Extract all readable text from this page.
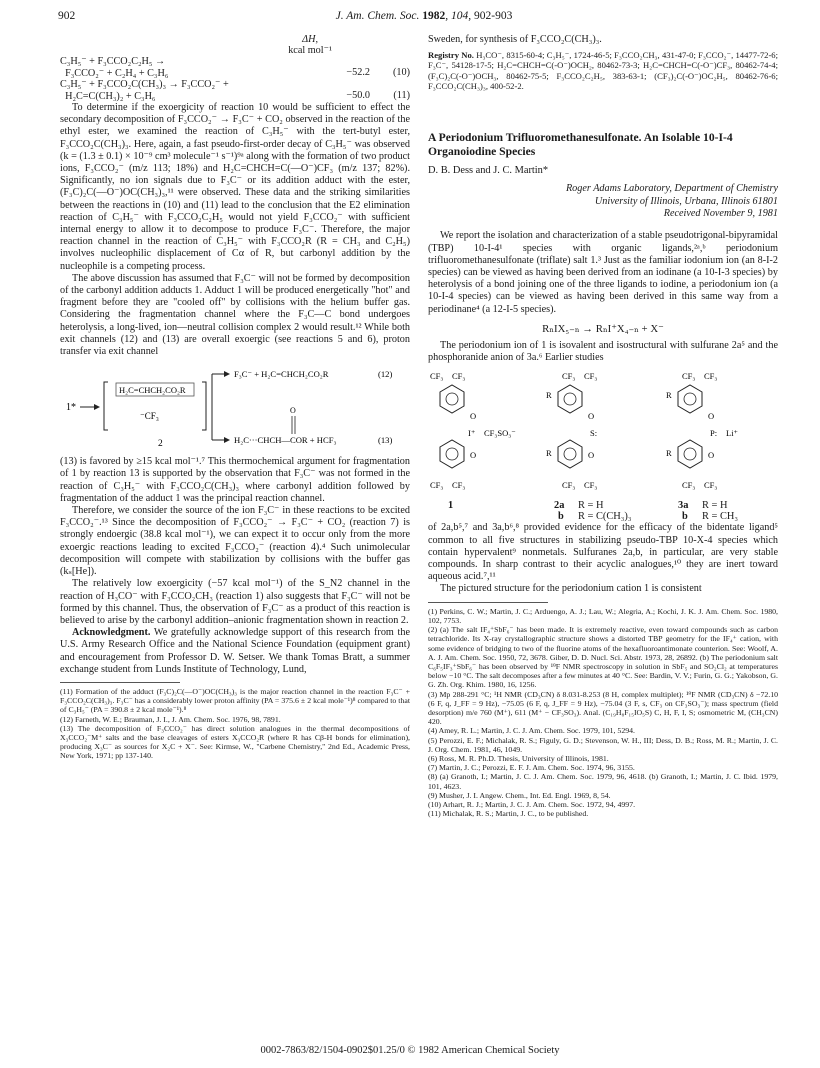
902	J. Am. Chem. Soc. 1982, 104, 902-903
ΔH,
kcal mol⁻¹
C₃H₅⁻ + F₃CCO₂C₂H₅ →
F₃CCO₂⁻ + C₂H₄ + C₃H₆	−52.2	(10)
C₃H₅⁻ + F₃CCO₂C(CH₃)₃ → F₃CCO₂⁻ +
H₂C=C(CH₃)₂ + C₃H₆	−50.0	(11)

To determine if the exoergicity of reaction 10 would be sufficient to effect the secondary decomposition of F₃CCO₂⁻ → F₃C⁻ + CO₂ observed in the reaction of the ethyl ester, we examined the reaction of C₃H₅⁻ with the tert-butyl ester, F₃CCO₂C(CH₃)₃. Here, again, a fast pseudo-first-order decay of C₃H₅⁻ was observed (k = (1.3 ± 0.1) × 10⁻⁹ cm³ molecule⁻¹ s⁻¹)⁹ᵃ along with the formation of two product ions, F₃CCO₂⁻ (m/z 113; 18%) and H₂C=CHCH=C(—O⁻)CF₃ (m/z 137; 82%). Significantly, no ion signals due to F₃C⁻ or its addition adduct with the ester, (F₃C)₂C(—O⁻)OC(CH₃)₃,¹¹ were observed. These data and the striking similarities between the reactions in (10) and (11) lead to the conclusion that the E2 elimination reaction of C₃H₅⁻ with F₃CCO₂C₂H₅ would not yield F₃CCO₂⁻ with sufficient internal energy to allow it to decompose to produce F₃C⁻. Therefore, the major reaction channel in the reaction of C₃H₅⁻ with F₃CCO₂R (R = CH₃ and C₂H₅) involves nucleophilic displacement of Cα of R, but carbonyl addition by the nucleophile is a competing process.

The above discussion has assumed that F₃C⁻ will not be formed by decomposition of the carbonyl addition adducts 1. Adduct 1 will be produced energetically "hot" and fragment before they are "cooled off" by collisions with the helium buffer gas. Considering the fragmentation channel where the F₃C—C bond undergoes heterolysis, a long-lived, ion—neutral collision complex 2 would result.¹² While both exit channels (12) and (13) are overall exoergic (see reactions 5 and 6), proton transfer via exit channel

1*
H₂C=CHCH₂CO₂R
⁻CF₃
2
F₃C⁻ + H₂C=CHCH₂CO₂R	(12)
H₂C···CHCH—COR + HCF₃	(13)
O

(13) is favored by ≥15 kcal mol⁻¹.⁷ This thermochemical argument for fragmentation of 1 by reaction 13 is supported by the observation that F₃C⁻ was not formed in the reaction of C₃H₅⁻ with F₃CCO₂C(CH₃)₃ where carbonyl addition followed by fragmentation of the adduct 1 was the principal reaction channel.

Therefore, we consider the source of the ion F₃C⁻ in these reactions to be excited F₃CCO₂⁻.¹³ Since the decomposition of F₃CCO₂⁻ → F₃C⁻ + CO₂ (reaction 7) is strongly endoergic (38.8 kcal mol⁻¹), we can expect it to occur only from the more exoergic reactions leading to excited F₃CCO₂⁻ (reaction 4).⁴ Such unimolecular decomposition will compete with stabilization by collisions with the buffer gas (kₛ[He]).

The relatively low exoergicity (−57 kcal mol⁻¹) of the S_N2 channel in the reaction of H₃CO⁻ with F₃CCO₂CH₃ (reaction 1) also suggests that F₃C⁻ will not be formed by this channel. Thus, the observation of F₃C⁻ as a product of this reaction is believed to arise by the carbonyl addition–anionic fragmentation shown in reaction 2.

Acknowledgment. We gratefully acknowledge support of this research from the U.S. Army Research Office and the National Science Foundation (equipment grant) and encouragement from Professor D. W. Setser. We thank Tomas Bratt, a summer exchange student from Lunds Institute of Technology, Lund,

(11) Formation of the adduct (F₃C)₂C(—O⁻)OC(CH₃)₃ is the major reaction channel in the reaction F₃C⁻ + F₃CCO₂C(CH₃)₃. F₃C⁻ has a considerably lower proton affinity (PA = 375.6 ± 2 kcal mole⁻¹)⁸ compared to that of C₃H₅⁻ (PA = 390.8 ± 2 kcal mole⁻¹).⁸

(12) Farneth, W. E.; Brauman, J. I., J. Am. Chem. Soc. 1976, 98, 7891.

(13) The decomposition of F₃CCO₂⁻ has direct solution analogues in the thermal decompositions of X₃CCO₂⁻M⁺ salts and the base cleavages of esters X₃CCO₂R (where R has Cβ-H bonds for elimination), producing X₃C⁻ as sources for X₂C + X⁻. See: Kirmse, W., "Carbene Chemistry," 2nd Ed., Academic Press, New York, 1971; pp 137-140.

Sweden, for synthesis of F₃CCO₂C(CH₃)₃.

Registry No. H₃CO⁻, 8315-60-4; C₃H₅⁻, 1724-46-5; F₃CCO₂CH₃, 431-47-0; F₃CCO₂⁻, 14477-72-6; F₃C⁻, 54128-17-5; H₂C=CHCH=C(-O⁻)OCH₂, 80462-73-3; H₂C=CHCH=C(-O⁻)CF₃, 80462-74-4; (F₃C)₂C(-O⁻)OCH₃, 80462-75-5; F₃CCO₂C₂H₅, 383-63-1; (CF₃)₂C(-O⁻)OC₂H₅, 80462-76-6; F₃CCO₂C(CH₃)₃, 400-52-2.

A Periodonium Trifluoromethanesulfonate. An Isolable 10-I-4 Organoiodine Species
D. B. Dess and J. C. Martin*
Roger Adams Laboratory, Department of Chemistry
University of Illinois, Urbana, Illinois 61801
Received November 9, 1981

We report the isolation and characterization of a stable pseudotrigonal-bipyramidal (TBP) 10-I-4¹ species with organic ligands,²ᵃ,ᵇ periodonium trifluoromethanesulfonate (triflate) salt 1.³ Just as the familiar iodonium ion (an 8-I-2 species) can be viewed as having been derived from an iodinane (a 10-I-3 species) by heterolysis of a bond joining one of the three ligands to iodine, a periodonium ion (a 10-I-4 species) can be viewed as having been derived in this same way from a periodinane⁴ (a 12-I-5 species).

RₙIX₅₋ₙ → RₙI⁺X₄₋ₙ + X⁻

The periodonium ion of 1 is isovalent and isostructural with sulfurane 2a⁵ and the phosphoranide anion of 3a.⁶ Earlier studies

CF₃ CF₃
O
I⁺ CF₃SO₃⁻
O
CF₃ CF₃
CF₃ CF₃
R
O
S:
R	O
CF₃ CF₃
CF₃ CF₃
R
O
P: Li⁺
R	O
CF₃ CF₃
1	2a R = H
b R = C(CH₃)₃
3a R = H
b R = CH₃

of 2a,b⁵,⁷ and 3a,b⁶,⁸ provided evidence for the efficacy of the bidentate ligand⁵ common to all five structures in stabilizing pseudo-TBP 10-X-4 species which contain hypervalent⁹ nonmetals. Sulfuranes 2a,b, in particular, are very stable compounds. In sharp contrast to their acyclic analogues,¹⁰ they are inert toward aqueous acid.⁷,¹¹

The pictured structure for the periodonium cation 1 is consistent

(1) Perkins, C. W.; Martin, J. C.; Arduengo, A. J.; Lau, W.; Alegria, A.; Kochi, J. K. J. Am. Chem. Soc. 1980, 102, 7753.

(2) (a) The salt IF₄⁺SbF₆⁻ has been made. It is extremely reactive, even toward compounds such as carbon tetrachloride. Its X-ray crystallographic structure shows a distorted TBP geometry for the IF₄⁺ cation, with some evidence of bridging to two of the fluorine atoms of the hexafluoroantimonate counterion. See: Woolf, A. A. J. Am. Chem. Soc. 1950, 72, 3678. Giber, D. D. Nucl. Sci. Abstr. 1973, 28, 26892. (b) The periodonium salt C₆F₅IF₃⁺SbF₆⁻ has been observed by ¹⁹F NMR spectroscopy in solution in SbF₅ and SO₂Cl₂ at temperatures below −10 °C. The salt decomposes after a few minutes at 40 °C. See: Bardin, V. V.; Furin, G. G.; Yakobson, G. G. Zh. Org. Khim. 1980, 16, 1256.

(3) Mp 288-291 °C; ¹H NMR (CD₃CN) δ 8.031-8.253 (8 H, complex multiplet); ¹⁹F NMR (CD₃CN) δ −72.10 (6 F, q, J_FF = 9 Hz), −75.05 (6 F, q, J_FF = 9 Hz), −75.04 (3 F, s, CF₃ on CF₃SO₃⁻); mass spectrum (field desorption) m/e 760 (M⁺), 611 (M⁺ − CF₃SO₃). Anal. (C₁₉H₈F₁₅IO₅S) C, H, F, I, S; osmometric M, (CH₃CN) 420.

(4) Amey, R. L.; Martin, J. C. J. Am. Chem. Soc. 1979, 101, 5294.

(5) Perozzi, E. F.; Michalak, R. S.; Figuly, G. D.; Stevenson, W. H., III; Dess, D. B.; Ross, M. R.; Martin, J. C. J. Org. Chem. 1981, 46, 1049.

(6) Ross, M. R. Ph.D. Thesis, University of Illinois, 1981.

(7) Martin, J. C.; Perozzi, E. F. J. Am. Chem. Soc. 1974, 96, 3155.

(8) (a) Granoth, I.; Martin, J. C. J. Am. Chem. Soc. 1979, 96, 4618. (b) Granoth, I.; Martin, J. C. Ibid. 1979, 101, 4623.

(9) Musher, J. I. Angew. Chem., Int. Ed. Engl. 1969, 8, 54.

(10) Arhart, R. J.; Martin, J. C. J. Am. Chem. Soc. 1972, 94, 4997.

(11) Michalak, R. S.; Martin, J. C., to be published.

0002-7863/82/1504-0902$01.25/0 © 1982 American Chemical Society
